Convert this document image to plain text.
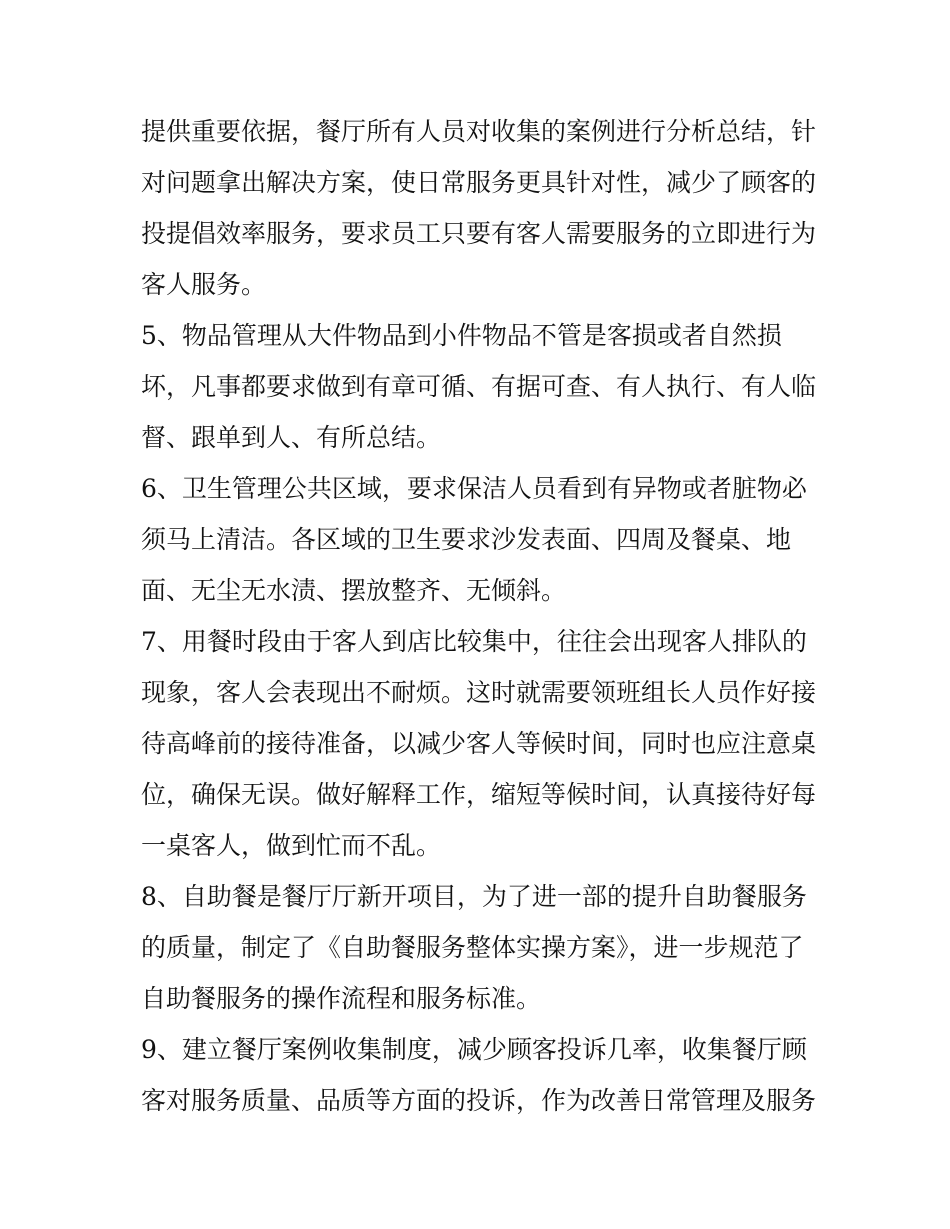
提供重要依据，餐厅所有人员对收集的案例进行分析总结，针
对问题拿出解决方案，使日常服务更具针对性，减少了顾客的
投提倡效率服务，要求员工只要有客人需要服务的立即进行为
客人服务。
5、物品管理从大件物品到小件物品不管是客损或者自然损
坏，凡事都要求做到有章可循、有据可查、有人执行、有人临
督、跟单到人、有所总结。
6、卫生管理公共区域，要求保洁人员看到有异物或者脏物必
须马上清洁。各区域的卫生要求沙发表面、四周及餐桌、地
面、无尘无水渍、摆放整齐、无倾斜。
7、用餐时段由于客人到店比较集中，往往会出现客人排队的
现象，客人会表现出不耐烦。这时就需要领班组长人员作好接
待高峰前的接待准备，以减少客人等候时间，同时也应注意桌
位，确保无误。做好解释工作，缩短等候时间，认真接待好每
一桌客人，做到忙而不乱。
8、自助餐是餐厅厅新开项目，为了进一部的提升自助餐服务
的质量，制定了《自助餐服务整体实操方案》，进一步规范了
自助餐服务的操作流程和服务标准。
9、建立餐厅案例收集制度，减少顾客投诉几率，收集餐厅顾
客对服务质量、品质等方面的投诉，作为改善日常管理及服务
